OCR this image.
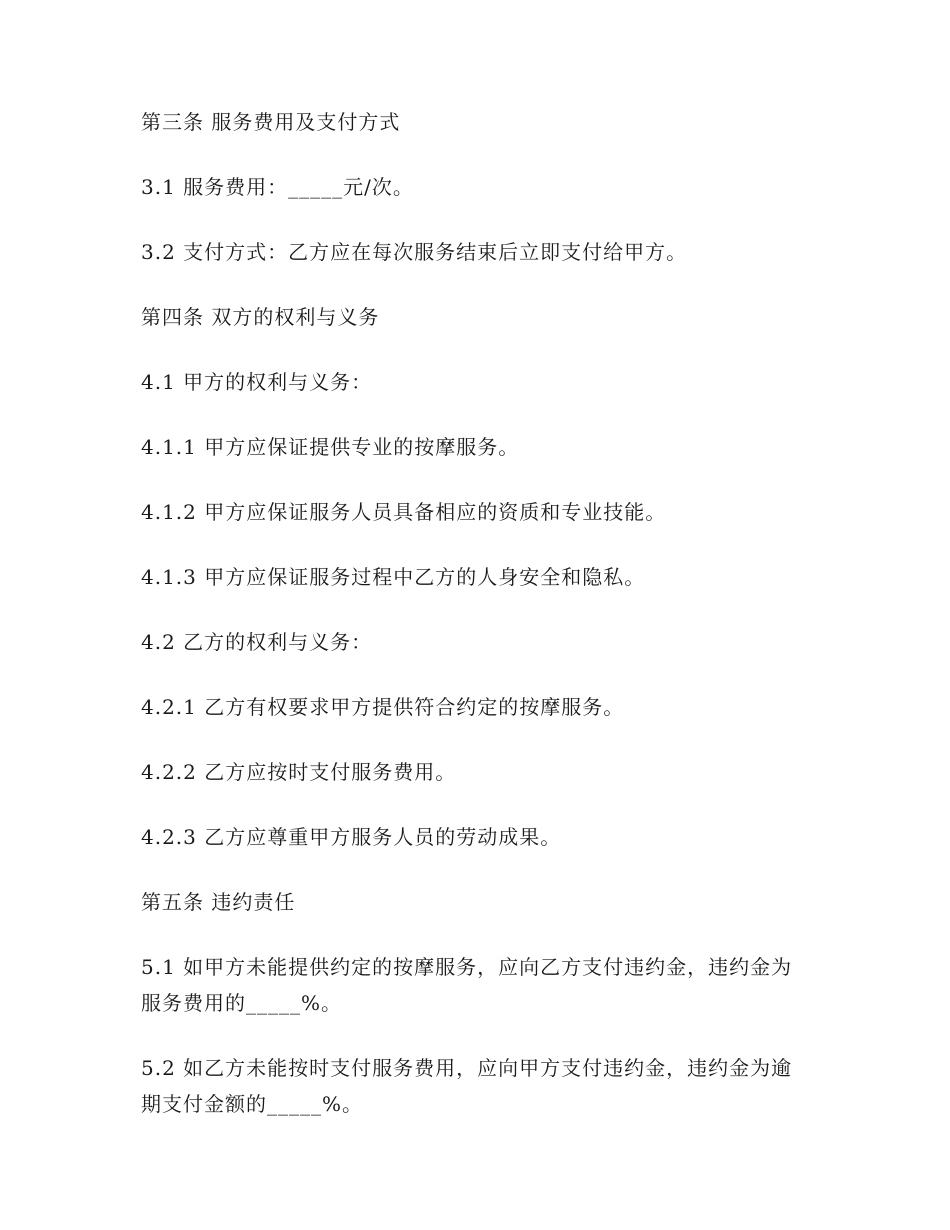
第三条 服务费用及支付方式

3.1 服务费用：_____元/次。

3.2 支付方式：乙方应在每次服务结束后立即支付给甲方。

第四条 双方的权利与义务

4.1 甲方的权利与义务：

4.1.1 甲方应保证提供专业的按摩服务。

4.1.2 甲方应保证服务人员具备相应的资质和专业技能。

4.1.3 甲方应保证服务过程中乙方的人身安全和隐私。

4.2 乙方的权利与义务：

4.2.1 乙方有权要求甲方提供符合约定的按摩服务。

4.2.2 乙方应按时支付服务费用。

4.2.3 乙方应尊重甲方服务人员的劳动成果。

第五条 违约责任

5.1 如甲方未能提供约定的按摩服务，应向乙方支付违约金，违约金为服务费用的_____%。

5.2 如乙方未能按时支付服务费用，应向甲方支付违约金，违约金为逾期支付金额的_____%。
